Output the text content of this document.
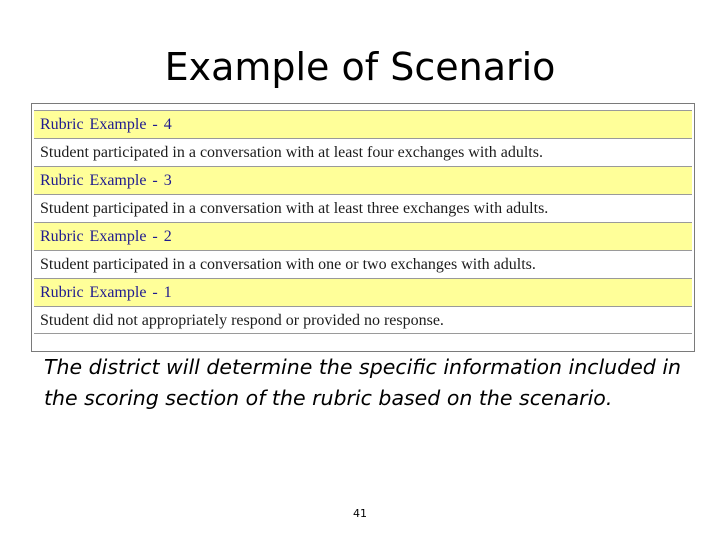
Example of Scenario
Rubric Example - 4
Student participated in a conversation with at least four exchanges with adults.
Rubric Example - 3
Student participated in a conversation with at least three exchanges with adults.
Rubric Example - 2
Student participated in a conversation with one or two exchanges with adults.
Rubric Example - 1
Student did not appropriately respond or provided no response.
The district will determine the specific information included in the scoring section of the rubric based on the scenario.
41
